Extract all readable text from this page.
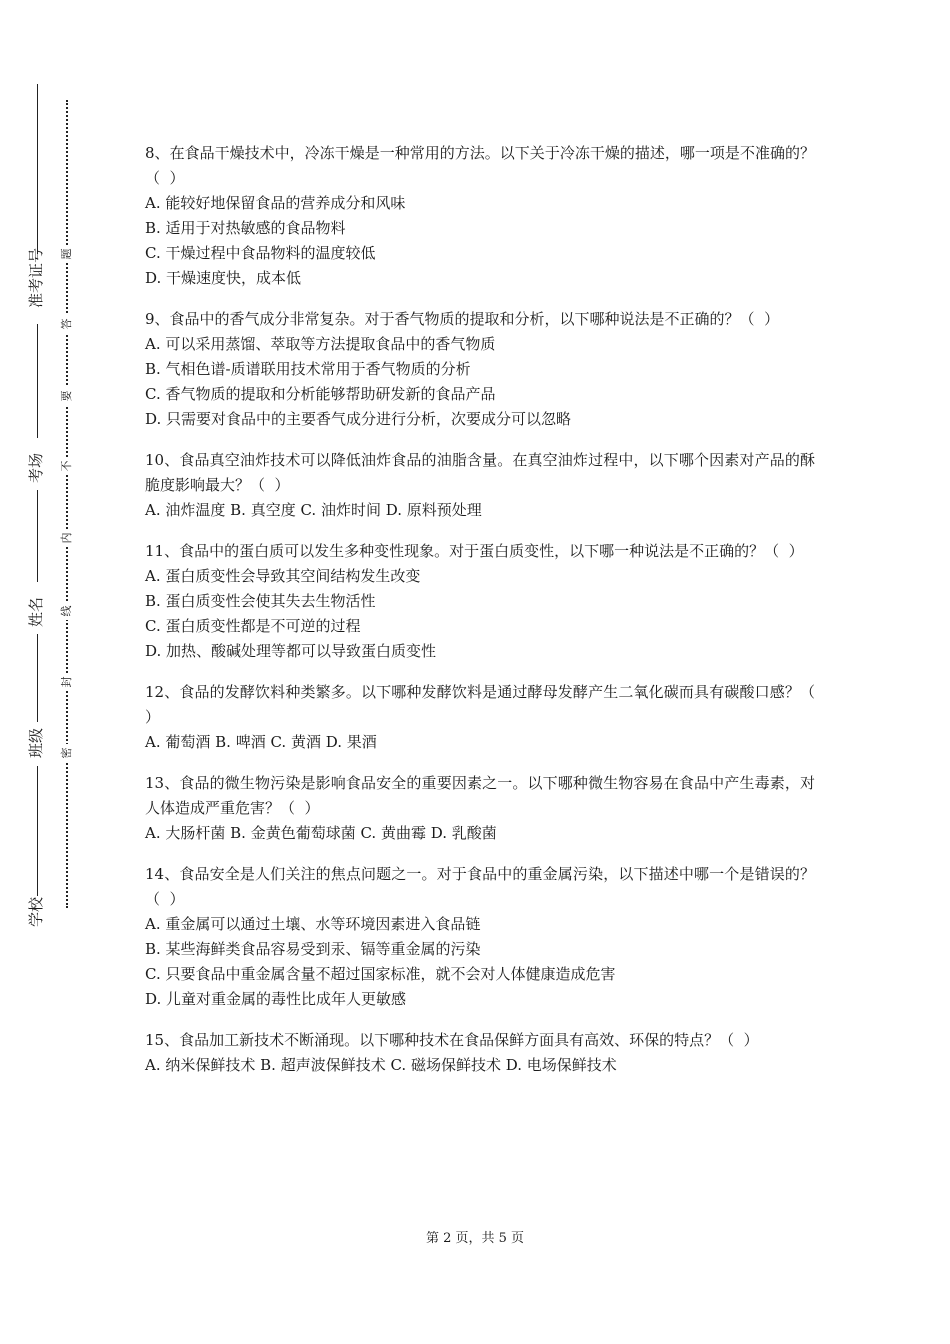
准考证号
考场
姓名
班级
学校
题
答
要
不
内
线
封
密
8、在食品干燥技术中，冷冻干燥是一种常用的方法。以下关于冷冻干燥的描述，哪一项是不准确的？（  ）
A. 能较好地保留食品的营养成分和风味
B. 适用于对热敏感的食品物料
C. 干燥过程中食品物料的温度较低
D. 干燥速度快，成本低
9、食品中的香气成分非常复杂。对于香气物质的提取和分析，以下哪种说法是不正确的？（  ）
A. 可以采用蒸馏、萃取等方法提取食品中的香气物质
B. 气相色谱-质谱联用技术常用于香气物质的分析
C. 香气物质的提取和分析能够帮助研发新的食品产品
D. 只需要对食品中的主要香气成分进行分析，次要成分可以忽略
10、食品真空油炸技术可以降低油炸食品的油脂含量。在真空油炸过程中，以下哪个因素对产品的酥脆度影响最大？（  ）
A. 油炸温度 B. 真空度 C. 油炸时间 D. 原料预处理
11、食品中的蛋白质可以发生多种变性现象。对于蛋白质变性，以下哪一种说法是不正确的？（  ）
A. 蛋白质变性会导致其空间结构发生改变
B. 蛋白质变性会使其失去生物活性
C. 蛋白质变性都是不可逆的过程
D. 加热、酸碱处理等都可以导致蛋白质变性
12、食品的发酵饮料种类繁多。以下哪种发酵饮料是通过酵母发酵产生二氧化碳而具有碳酸口感？（  ）
A. 葡萄酒 B. 啤酒 C. 黄酒 D. 果酒
13、食品的微生物污染是影响食品安全的重要因素之一。以下哪种微生物容易在食品中产生毒素，对人体造成严重危害？（  ）
A. 大肠杆菌 B. 金黄色葡萄球菌 C. 黄曲霉 D. 乳酸菌
14、食品安全是人们关注的焦点问题之一。对于食品中的重金属污染，以下描述中哪一个是错误的？（  ）
A. 重金属可以通过土壤、水等环境因素进入食品链
B. 某些海鲜类食品容易受到汞、镉等重金属的污染
C. 只要食品中重金属含量不超过国家标准，就不会对人体健康造成危害
D. 儿童对重金属的毒性比成年人更敏感
15、食品加工新技术不断涌现。以下哪种技术在食品保鲜方面具有高效、环保的特点？（  ）
A. 纳米保鲜技术 B. 超声波保鲜技术 C. 磁场保鲜技术 D. 电场保鲜技术
第 2 页，共 5 页
